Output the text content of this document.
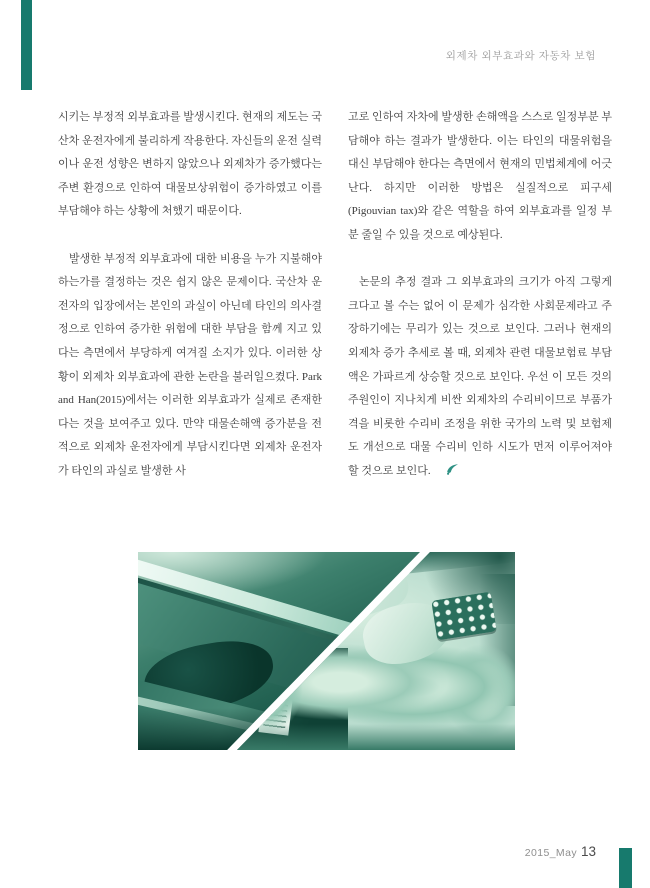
외제차 외부효과와 자동차 보험

시키는 부정적 외부효과를 발생시킨다. 현재의 제도는 국산차 운전자에게 불리하게 작용한다. 자신들의 운전 실력이나 운전 성향은 변하지 않았으나 외제차가 증가했다는 주변 환경으로 인하여 대물보상위험이 증가하였고 이를 부담해야 하는 상황에 처했기 때문이다.

발생한 부정적 외부효과에 대한 비용을 누가 지불해야 하는가를 결정하는 것은 쉽지 않은 문제이다. 국산차 운전자의 입장에서는 본인의 과실이 아닌데 타인의 의사결정으로 인하여 증가한 위험에 대한 부담을 함께 지고 있다는 측면에서 부당하게 여겨질 소지가 있다. 이러한 상황이 외제차 외부효과에 관한 논란을 불러일으켰다. Park and Han(2015)에서는 이러한 외부효과가 실제로 존재한다는 것을 보여주고 있다. 만약 대물손해액 증가분을 전적으로 외제차 운전자에게 부담시킨다면 외제차 운전자가 타인의 과실로 발생한 사

고로 인하여 자차에 발생한 손해액을 스스로 일정부분 부담해야 하는 결과가 발생한다. 이는 타인의 대물위험을 대신 부담해야 한다는 측면에서 현재의 민법체계에 어긋난다. 하지만 이러한 방법은 실질적으로 피구세(Pigouvian tax)와 같은 역할을 하여 외부효과를 일정 부분 줄일 수 있을 것으로 예상된다.

논문의 추정 결과 그 외부효과의 크기가 아직 그렇게 크다고 볼 수는 없어 이 문제가 심각한 사회문제라고 주장하기에는 무리가 있는 것으로 보인다. 그러나 현재의 외제차 증가 추세로 볼 때, 외제차 관련 대물보험료 부담액은 가파르게 상승할 것으로 보인다. 우선 이 모든 것의 주원인이 지나치게 비싼 외제차의 수리비이므로 부품가격을 비롯한 수리비 조정을 위한 국가의 노력 및 보험제도 개선으로 대물 수리비 인하 시도가 먼저 이루어져야 할 것으로 보인다.

2015_May 13
